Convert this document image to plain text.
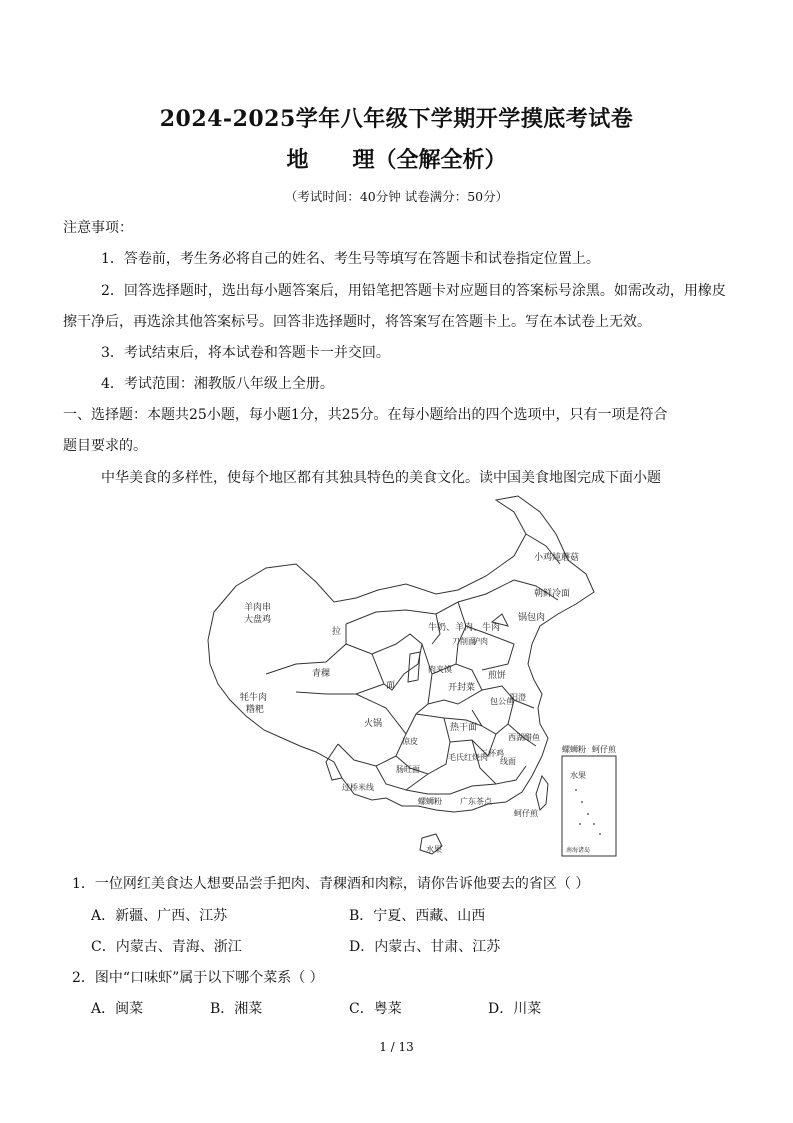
2024-2025学年八年级下学期开学摸底考试卷
地 理（全解全析）
（考试时间：40分钟 试卷满分：50分）
注意事项：
1．答卷前，考生务必将自己的姓名、考生号等填写在答题卡和试卷指定位置上。
2．回答选择题时，选出每小题答案后，用铅笔把答题卡对应题目的答案标号涂黑。如需改动，用橡皮
擦干净后，再选涂其他答案标号。回答非选择题时，将答案写在答题卡上。写在本试卷上无效。
3．考试结束后，将本试卷和答题卡一并交回。
4．考试范围：湘教版八年级上全册。
一、选择题：本题共25小题，每小题1分，共25分。在每小题给出的四个选项中，只有一项是符合
题目要求的。
中华美食的多样性，使每个地区都有其独具特色的美食文化。读中国美食地图完成下面小题
小鸡炖蘑菇
朝鲜冷面
锅包肉
牛奶、羊肉、牛肉
羊肉串
大盘鸡
拉
青稞
牦牛肉
糌粑
火锅
面
刀削面
驴肉
煎饼
肉夹馍
开封菜
热干面
包公鱼
阳澄
西湖醋鱼
凉皮
肠旺面
毛氏红烧肉
三杯鸡
线面
过桥米线
螺蛳粉 广东茶点
蚵仔煎
水果
螺蛳粉 蚵仔煎
水果
南海诸岛
1．一位网红美食达人想要品尝手把肉、青稞酒和肉粽，请你告诉他要去的省区（ ）
A．新疆、广西、江苏	B．宁夏、西藏、山西
C．内蒙古、青海、浙江	D．内蒙古、甘肃、江苏
2．图中“口味虾”属于以下哪个菜系（ ）
A．闽菜	B．湘菜	C．粤菜	D．川菜
1 / 13
